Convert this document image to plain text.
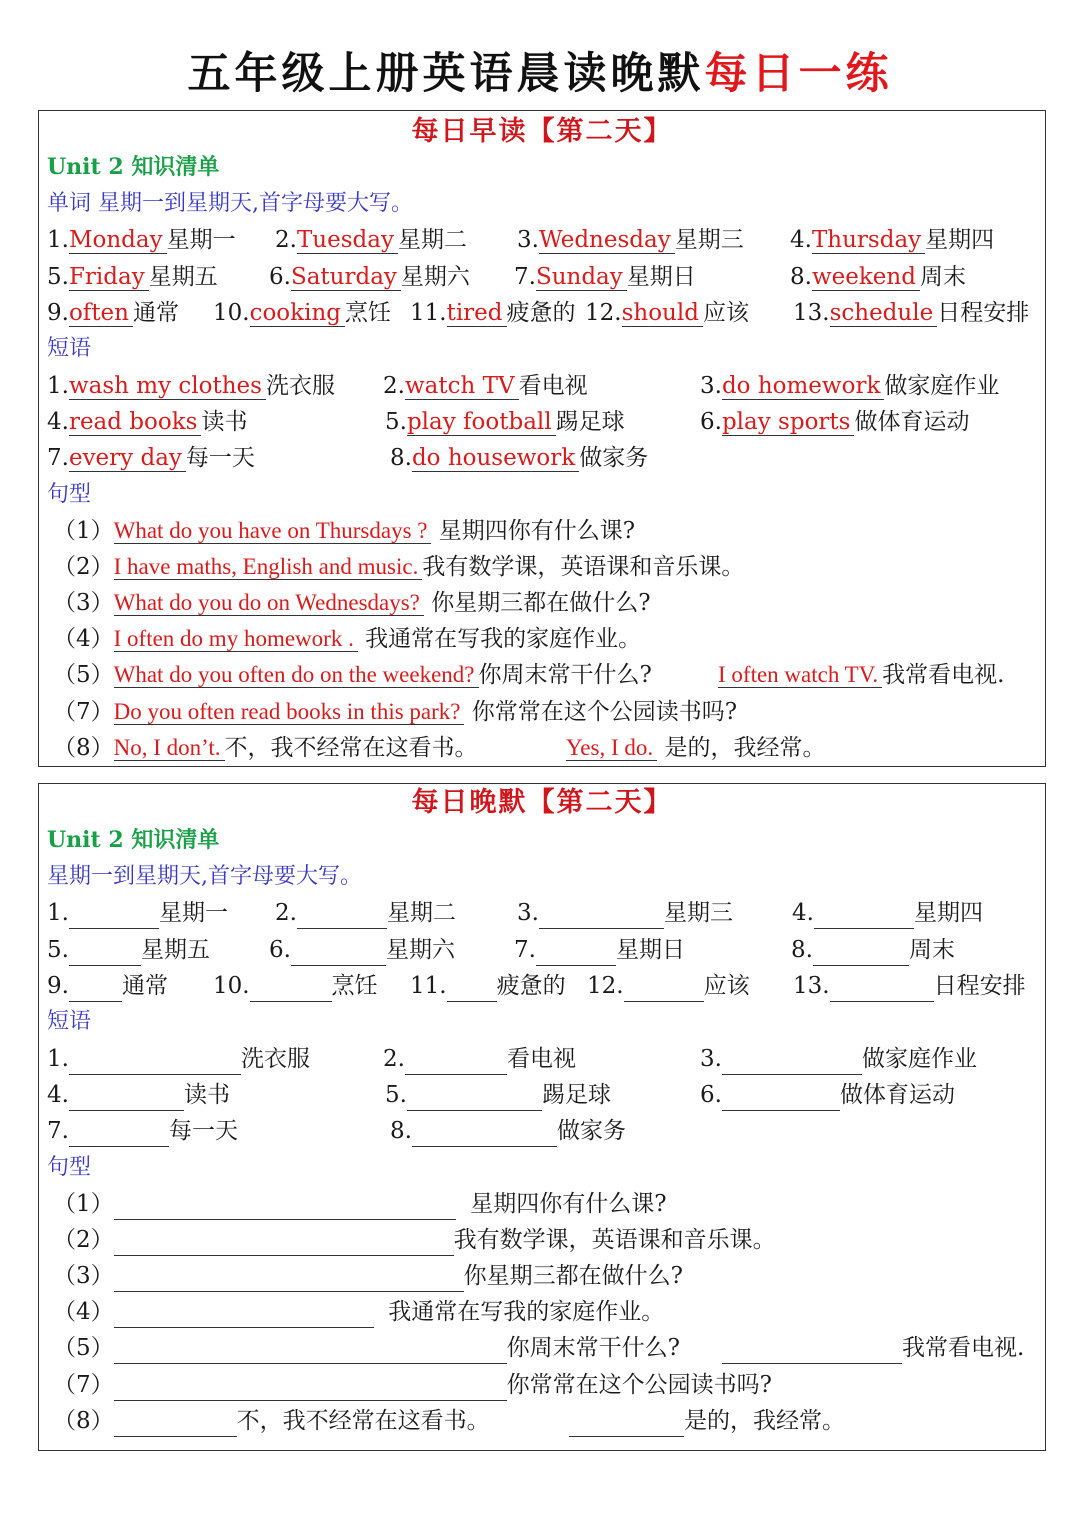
五年级上册英语晨读晚默每日一练
每日早读【第二天】
Unit 2 知识清单
单词 星期一到星期天,首字母要大写。
1.Monday 星期一 2.Tuesday 星期二 3.Wednesday 星期三 4.Thursday 星期四
5.Friday 星期五 6.Saturday 星期六 7.Sunday 星期日	8.weekend 周末
9.often 通常 10.cooking 烹饪 11.tired 疲惫的 12.should 应该 13.schedule 日程安排
短语
1.wash my clothes 洗衣服 2.watch TV 看电视	3.do homework 做家庭作业
4.read books 读书	5.play football 踢足球	6.play sports 做体育运动
7.every day 每一天	8.do housework 做家务
句型
（1）What do you have on Thursdays ? 星期四你有什么课?
（2）I have maths, English and music. 我有数学课，英语课和音乐课。
（3）What do you do on Wednesdays? 你星期三都在做什么?
（4）I often do my homework . 我通常在写我的家庭作业。
（5）What do you often do on the weekend? 你周末常干什么?	I often watch TV. 我常看电视.
（7）Do you often read books in this park? 你常常在这个公园读书吗?
（8）No, I don’t. 不，我不经常在这看书。	Yes, I do. 是的，我经常。
每日晚默【第二天】
Unit 2 知识清单
星期一到星期天,首字母要大写。
1.	星期一 2.	星期二	3.	星期三	4.	星期四
5.	星期五	6.	星期六	7.	星期日	8.	周末
9. 通常 10.	烹饪 11. 疲惫的 12.	应该 13.	日程安排
短语
1.	洗衣服	2.	看电视	3.	做家庭作业
4.	读书	5.	踢足球	6.	做体育运动
7.	每一天	8.	做家务
句型
（1）	星期四你有什么课?
（2）	我有数学课，英语课和音乐课。
（3）	你星期三都在做什么?
（4）	我通常在写我的家庭作业。
（5）	你周末常干什么?	我常看电视.
（7）	你常常在这个公园读书吗?
（8）	不，我不经常在这看书。	是的，我经常。
